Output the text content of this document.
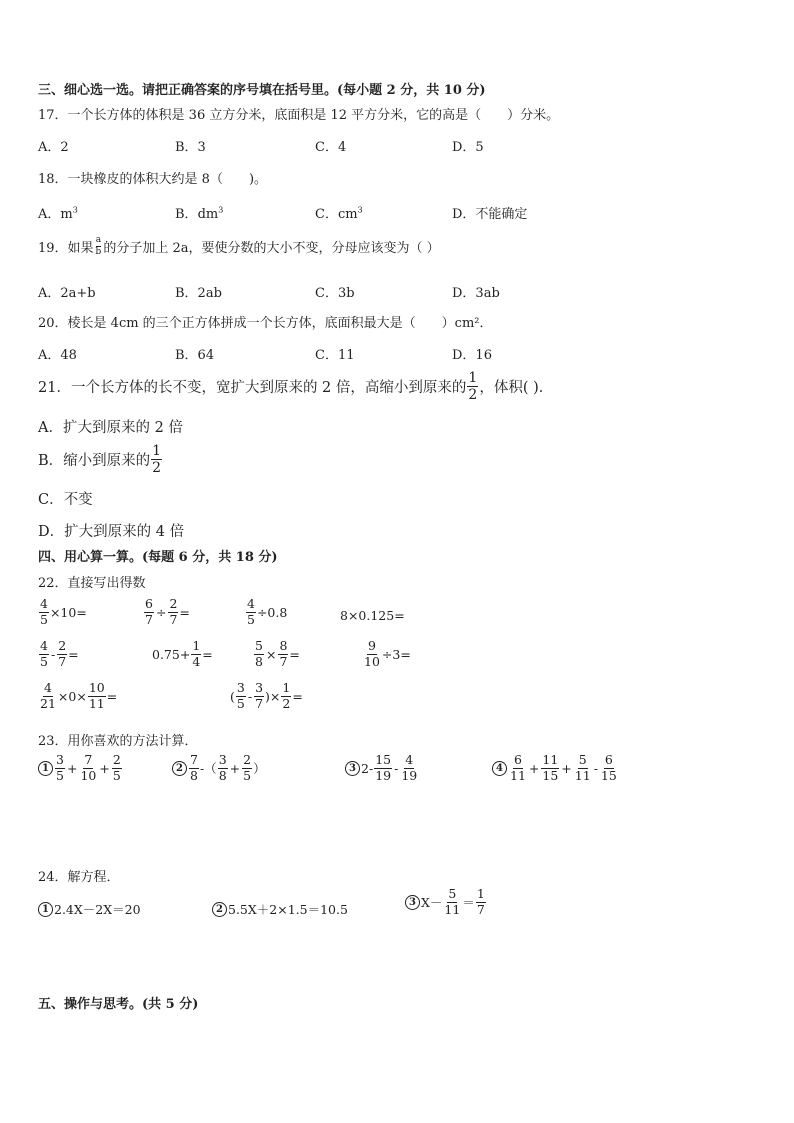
三、细心选一选。请把正确答案的序号填在括号里。(每小题 2 分，共 10 分)
17．一个长方体的体积是 36 立方分米，底面积是 12 平方分米，它的高是（　　）分米。
A．2	B．3	C．4	D．5
18．一块橡皮的体积大约是 8（　　)。
A．$m^3$	B．$dm^3$	C．$cm^3$	D．不能确定
19．如果 $\frac{a}{b}$ 的分子加上 2a，要使分数的大小不变，分母应该变为（ ）
A．2a+b	B．2ab	C．3b	D．3ab
20．棱长是 4cm 的三个正方体拼成一个长方体，底面积最大是（　　）cm²．
A．48	B．64	C．11	D．16
21．一个长方体的长不变，宽扩大到原来的 2 倍，高缩小到原来的 $\frac{1}{2}$ ，体积( )．
A．扩大到原来的 2 倍
B．缩小到原来的 $\frac{1}{2}$
C．不变
D．扩大到原来的 4 倍
四、用心算一算。(每题 6 分，共 18 分)
22．直接写出得数
$\frac{4}{5} \times 10=$	$\frac{6}{7} \div \frac{2}{7}$ =	$\frac{4}{5} \div 0.8$	8×0.125=
$\frac{4}{5} - \frac{2}{7}$ =	$0.75+ \frac{1}{4}$ =	$\frac{5}{8} \times \frac{8}{7}$ =	$\frac{9}{10} \div 3=$
$\frac{4}{21} \times 0\times \frac{10}{11}$ =	( $\frac{3}{5} - \frac{3}{7}$ )× $\frac{1}{2}$ =
23．用你喜欢的方法计算．
$1 \frac{3}{5} + \frac{7}{10} + \frac{2}{5}$	$2 \frac{7}{8}$ -（ $\frac{3}{8} + \frac{2}{5}$ ）	3 $2- \frac{15}{19} - \frac{4}{19}$	$4 \frac{6}{11} + \frac{11}{15} + \frac{5}{11} - \frac{6}{15}$
24．解方程．
1 2.4X－2X＝20	2 5.5X＋2×1.5＝10.5	3 $X- \frac{5}{11} = \frac{1}{7}$
五、操作与思考。(共 5 分)
